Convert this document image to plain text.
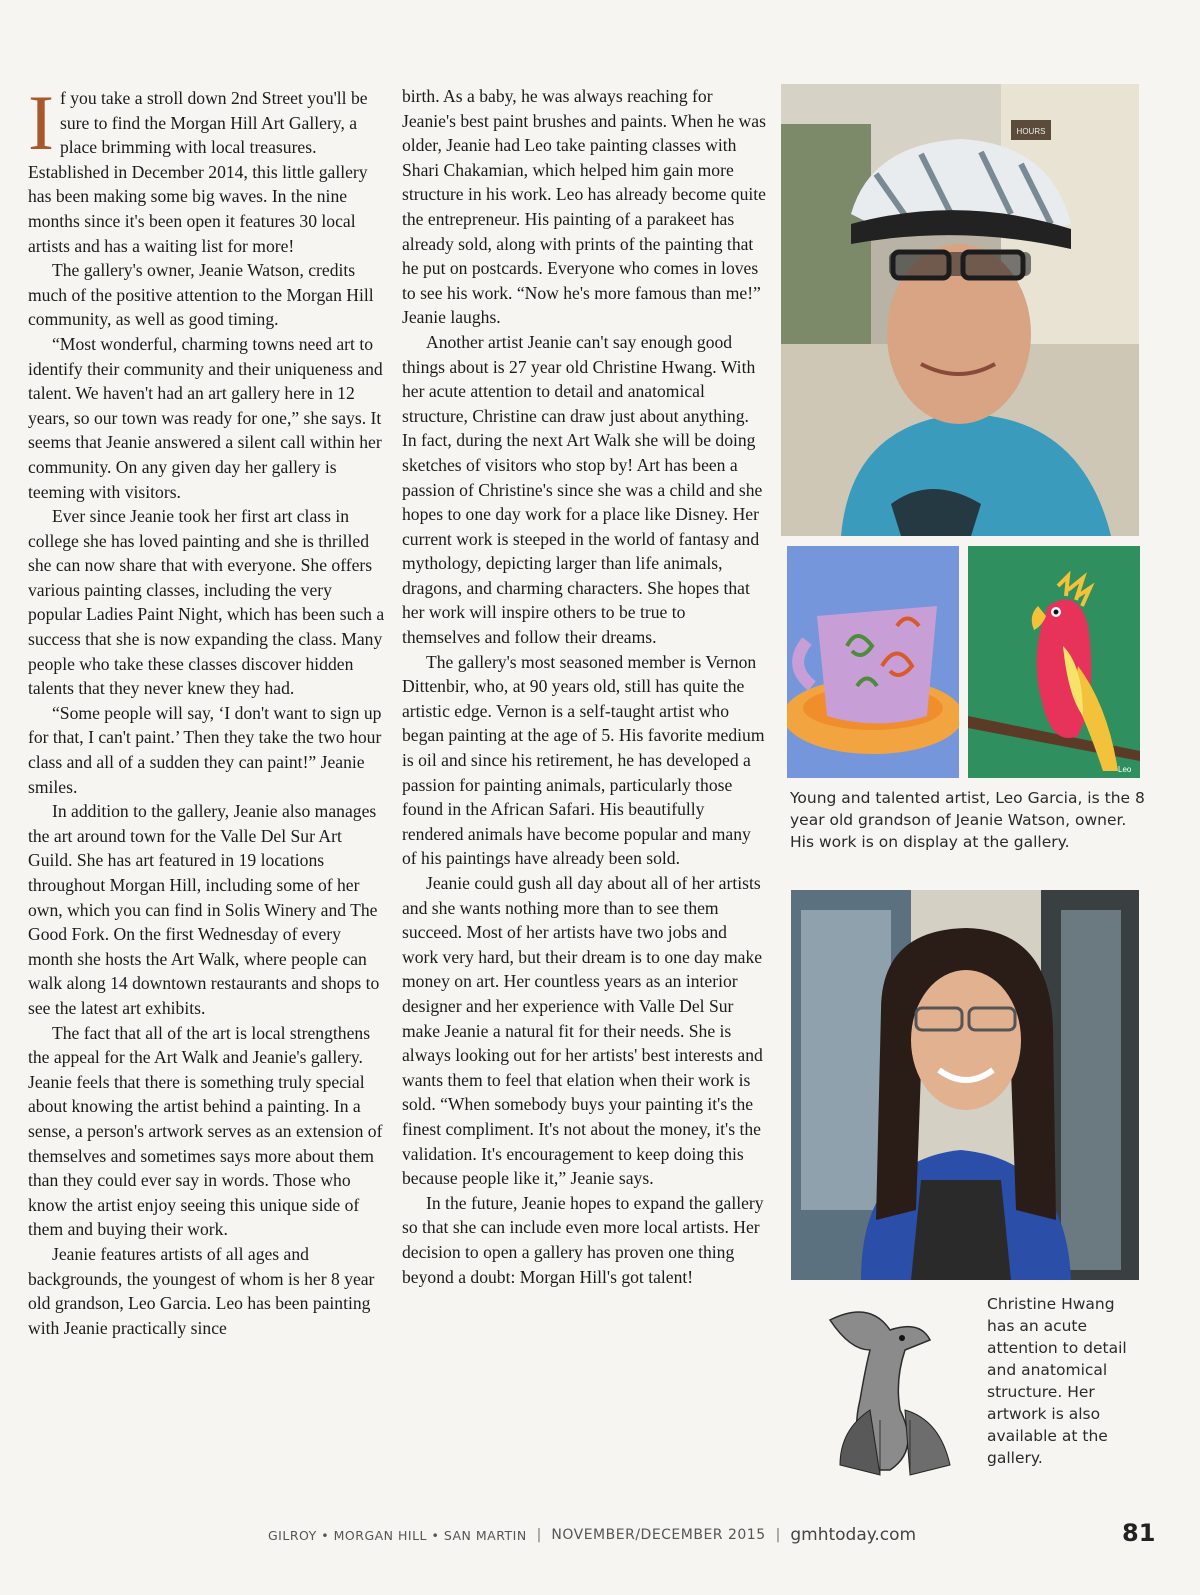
If you take a stroll down 2nd Street you'll be sure to find the Morgan Hill Art Gallery, a place brimming with local treasures. Established in December 2014, this little gallery has been making some big waves. In the nine months since it's been open it features 30 local artists and has a waiting list for more!

The gallery's owner, Jeanie Watson, credits much of the positive attention to the Morgan Hill community, as well as good timing.

“Most wonderful, charming towns need art to identify their community and their uniqueness and talent. We haven't had an art gallery here in 12 years, so our town was ready for one,” she says. It seems that Jeanie answered a silent call within her community. On any given day her gallery is teeming with visitors.

Ever since Jeanie took her first art class in college she has loved painting and she is thrilled she can now share that with everyone. She offers various painting classes, including the very popular Ladies Paint Night, which has been such a success that she is now expanding the class. Many people who take these classes discover hidden talents that they never knew they had.

“Some people will say, ‘I don't want to sign up for that, I can't paint.’ Then they take the two hour class and all of a sudden they can paint!” Jeanie smiles.

In addition to the gallery, Jeanie also manages the art around town for the Valle Del Sur Art Guild. She has art featured in 19 locations throughout Morgan Hill, including some of her own, which you can find in Solis Winery and The Good Fork. On the first Wednesday of every month she hosts the Art Walk, where people can walk along 14 downtown restaurants and shops to see the latest art exhibits.

The fact that all of the art is local strengthens the appeal for the Art Walk and Jeanie's gallery. Jeanie feels that there is something truly special about knowing the artist behind a painting. In a sense, a person's artwork serves as an extension of themselves and sometimes says more about them than they could ever say in words. Those who know the artist enjoy seeing this unique side of them and buying their work.

Jeanie features artists of all ages and backgrounds, the youngest of whom is her 8 year old grandson, Leo Garcia. Leo has been painting with Jeanie practically since

birth. As a baby, he was always reaching for Jeanie's best paint brushes and paints. When he was older, Jeanie had Leo take painting classes with Shari Chakamian, which helped him gain more structure in his work. Leo has already become quite the entrepreneur. His painting of a parakeet has already sold, along with prints of the painting that he put on postcards. Everyone who comes in loves to see his work. “Now he's more famous than me!” Jeanie laughs.

Another artist Jeanie can't say enough good things about is 27 year old Christine Hwang. With her acute attention to detail and anatomical structure, Christine can draw just about anything. In fact, during the next Art Walk she will be doing sketches of visitors who stop by! Art has been a passion of Christine's since she was a child and she hopes to one day work for a place like Disney. Her current work is steeped in the world of fantasy and mythology, depicting larger than life animals, dragons, and charming characters. She hopes that her work will inspire others to be true to themselves and follow their dreams.

The gallery's most seasoned member is Vernon Dittenbir, who, at 90 years old, still has quite the artistic edge. Vernon is a self-taught artist who began painting at the age of 5. His favorite medium is oil and since his retirement, he has developed a passion for painting animals, particularly those found in the African Safari. His beautifully rendered animals have become popular and many of his paintings have already been sold.

Jeanie could gush all day about all of her artists and she wants nothing more than to see them succeed. Most of her artists have two jobs and work very hard, but their dream is to one day make money on art. Her countless years as an interior designer and her experience with Valle Del Sur make Jeanie a natural fit for their needs. She is always looking out for her artists' best interests and wants them to feel that elation when their work is sold. “When somebody buys your painting it's the finest compliment. It's not about the money, it's the validation. It's encouragement to keep doing this because people like it,” Jeanie says.

In the future, Jeanie hopes to expand the gallery so that she can include even more local artists. Her decision to open a gallery has proven one thing beyond a doubt: Morgan Hill's got talent!

HOURS
Leo
Young and talented artist, Leo Garcia, is the 8 year old grandson of Jeanie Watson, owner. His work is on display at the gallery.
Christine Hwang has an acute attention to detail and anatomical structure. Her artwork is also available at the gallery.
GILROY • MORGAN HILL • SAN MARTIN | NOVEMBER/DECEMBER 2015 | gmhtoday.com	81
